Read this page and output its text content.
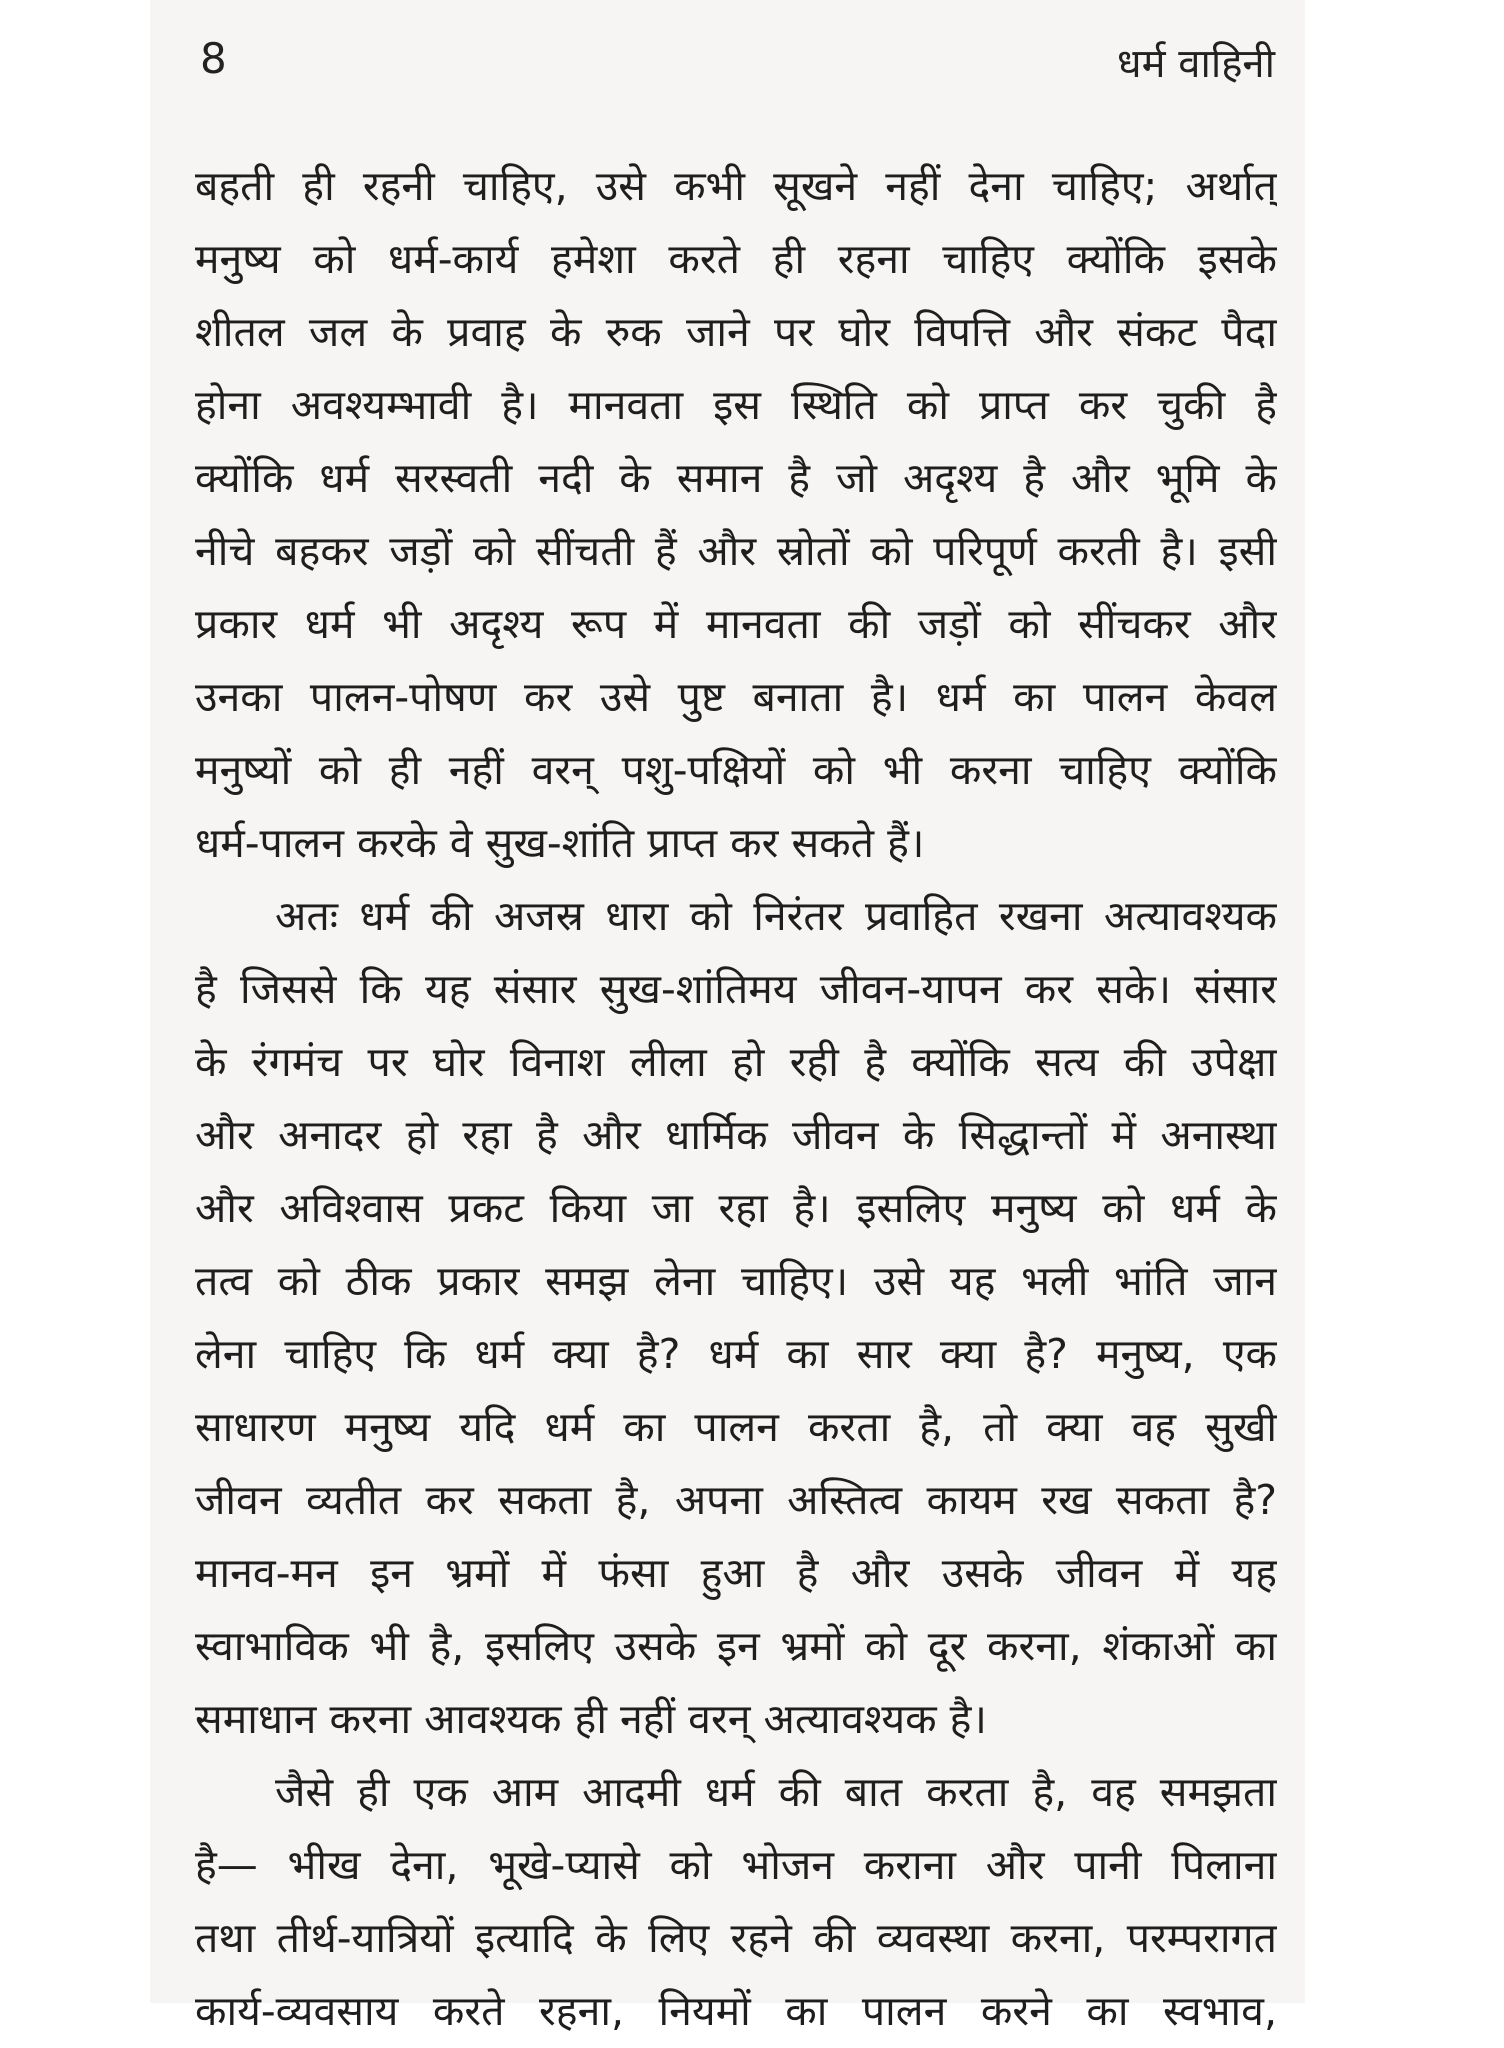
8	धर्म वाहिनी
बहती ही रहनी चाहिए, उसे कभी सूखने नहीं देना चाहिए; अर्थात्
मनुष्य को धर्म-कार्य हमेशा करते ही रहना चाहिए क्योंकि इसके
शीतल जल के प्रवाह के रुक जाने पर घोर विपत्ति और संकट पैदा
होना अवश्यम्भावी है। मानवता इस स्थिति को प्राप्त कर चुकी है
क्योंकि धर्म सरस्वती नदी के समान है जो अदृश्य है और भूमि के
नीचे बहकर जड़ों को सींचती हैं और स्रोतों को परिपूर्ण करती है। इसी
प्रकार धर्म भी अदृश्य रूप में मानवता की जड़ों को सींचकर और
उनका पालन-पोषण कर उसे पुष्ट बनाता है। धर्म का पालन केवल
मनुष्यों को ही नहीं वरन् पशु-पक्षियों को भी करना चाहिए क्योंकि
धर्म-पालन करके वे सुख-शांति प्राप्त कर सकते हैं।
अतः धर्म की अजस्र धारा को निरंतर प्रवाहित रखना अत्यावश्यक
है जिससे कि यह संसार सुख-शांतिमय जीवन-यापन कर सके। संसार
के रंगमंच पर घोर विनाश लीला हो रही है क्योंकि सत्य की उपेक्षा
और अनादर हो रहा है और धार्मिक जीवन के सिद्धान्तों में अनास्था
और अविश्वास प्रकट किया जा रहा है। इसलिए मनुष्य को धर्म के
तत्व को ठीक प्रकार समझ लेना चाहिए। उसे यह भली भांति जान
लेना चाहिए कि धर्म क्या है? धर्म का सार क्या है? मनुष्य, एक
साधारण मनुष्य यदि धर्म का पालन करता है, तो क्या वह सुखी
जीवन व्यतीत कर सकता है, अपना अस्तित्व कायम रख सकता है?
मानव-मन इन भ्रमों में फंसा हुआ है और उसके जीवन में यह
स्वाभाविक भी है, इसलिए उसके इन भ्रमों को दूर करना, शंकाओं का
समाधान करना आवश्यक ही नहीं वरन् अत्यावश्यक है।
जैसे ही एक आम आदमी धर्म की बात करता है, वह समझता
है— भीख देना, भूखे-प्यासे को भोजन कराना और पानी पिलाना
तथा तीर्थ-यात्रियों इत्यादि के लिए रहने की व्यवस्था करना, परम्परागत
कार्य-व्यवसाय करते रहना, नियमों का पालन करने का स्वभाव,
